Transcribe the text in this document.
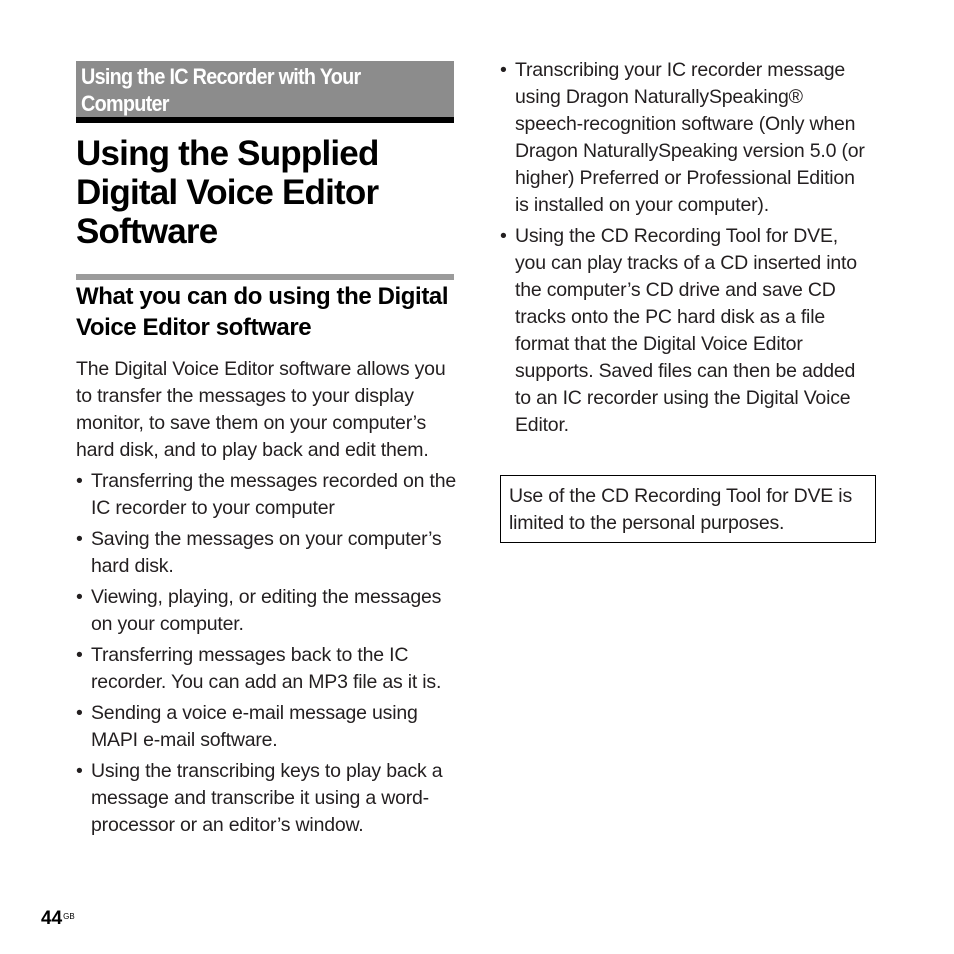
Using the IC Recorder with Your Computer
Using the Supplied Digital Voice Editor Software
What you can do using the Digital Voice Editor software

The Digital Voice Editor software allows you to transfer the messages to your display monitor, to save them on your computer’s hard disk, and to play back and edit them.

• Transferring the messages recorded on the IC recorder to your computer
• Saving the messages on your computer’s hard disk.
• Viewing, playing, or editing the messages on your computer.
• Transferring messages back to the IC recorder. You can add an MP3 file as it is.
• Sending a voice e-mail message using MAPI e-mail software.
• Using the transcribing keys to play back a message and transcribe it using a word-processor or an editor’s window.
• Transcribing your IC recorder message using Dragon NaturallySpeaking® speech-recognition software (Only when Dragon NaturallySpeaking version 5.0 (or higher) Preferred or Professional Edition is installed on your computer).
• Using the CD Recording Tool for DVE, you can play tracks of a CD inserted into the computer’s CD drive and save CD tracks onto the PC hard disk as a file format that the Digital Voice Editor supports. Saved files can then be added to an IC recorder using the Digital Voice Editor.
Use of the CD Recording Tool for DVE is limited to the personal purposes.
$44^{GB}$
